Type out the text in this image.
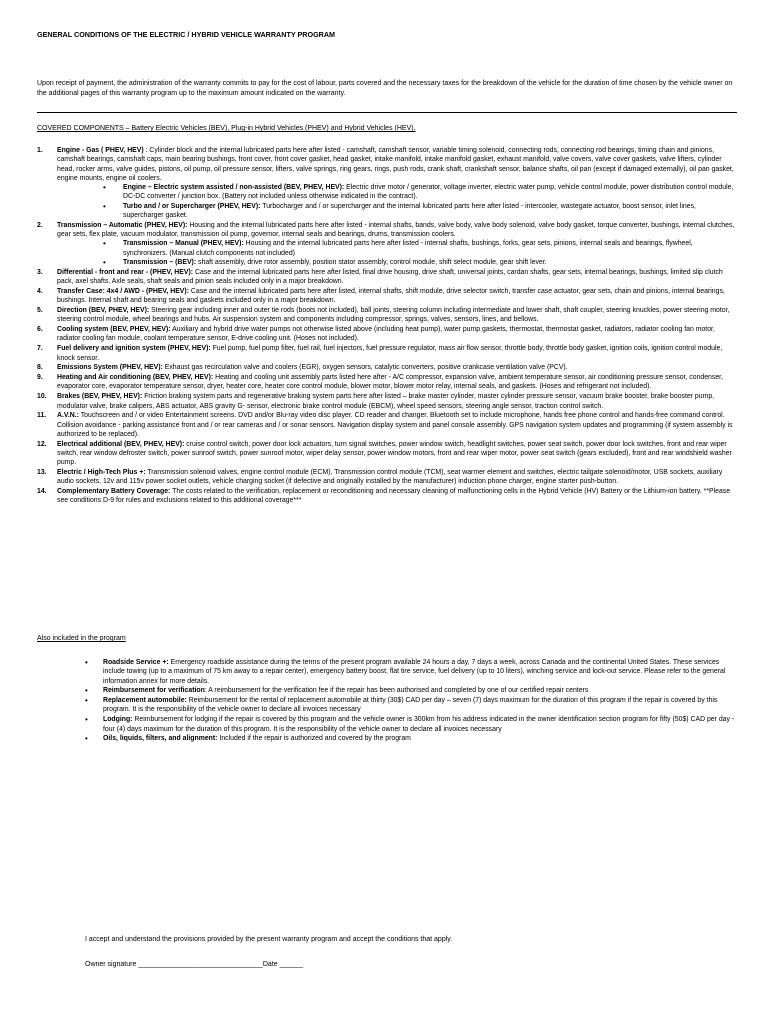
GENERAL CONDITIONS OF THE ELECTRIC / HYBRID VEHICLE WARRANTY PROGRAM
Upon receipt of payment, the administration of the warranty commits to pay for the cost of labour, parts covered and the necessary taxes for the breakdown of the vehicle for the duration of time chosen by the vehicle owner on the additional pages of this warranty program up to the maximum amount indicated on the warranty.
COVERED COMPONENTS – Battery Electric Vehicles (BEV), Plug-in Hybrid Vehicles (PHEV) and Hybrid Vehicles (HEV).
1. Engine - Gas ( PHEV, HEV) : Cylinder block and the internal lubricated parts here after listed - camshaft, camshaft sensor, variable timing solenoid, connecting rods, connecting rod bearings, timing chain and pinions, camshaft bearings, camshaft caps, main bearing bushings, front cover, front cover gasket, head gasket, intake manifold, intake manifold gasket, exhaust manifold, valve covers, valve cover gaskets, valve lifters, cylinder head, rocker arms, valve guides, pistons, oil pump, oil pressure sensor, lifters, valve springs, ring gears, rings, push rods, crank shaft, crankshaft sensor, balance shafts, oil pan (except if damaged externally), oil pan gasket, engine mounts, engine oil coolers.
• Engine – Electric system assisted / non-assisted (BEV, PHEV, HEV): Electric drive motor / generator, voltage inverter, electric water pump, vehicle control module, power distribution control module, DC-DC converter / junction box. (Battery not included unless otherwise indicated in the contract).
• Turbo and / or Supercharger (PHEV, HEV): Turbocharger and / or supercharger and the internal lubricated parts here after listed - intercooler, wastegate actuator, boost sensor, inlet lines, supercharger gasket.
2. Transmission – Automatic (PHEV, HEV): Housing and the internal lubricated parts here after listed - internal shafts, bands, valve body, valve body solenoid, valve body gasket, torque converter, bushings, internal clutches, gear sets, flex plate, vacuum modulator, transmission oil pump, governor, internal seals and bearings, drums, transmission coolers.
• Transmission – Manual (PHEV, HEV): Housing and the internal lubricated parts here after listed - internal shafts, bushings, forks, gear sets, pinions, internal seals and bearings, flywheel, synchronizers. (Manual clutch components not included)
• Transmission – (BEV): shaft assembly, drive rotor assembly, position stator assembly, control module, shift select module, gear shift lever.
3. Differential - front and rear - (PHEV, HEV): Case and the internal lubricated parts here after listed, final drive housing, drive shaft, universal joints, cardan shafts, gear sets, internal bearings, bushings, limited slip clutch pack, axel shafts. Axle seals, shaft seals and pinion seals included only in a major breakdown.
4. Transfer Case: 4x4 / AWD - (PHEV, HEV): Case and the internal lubricated parts here after listed, internal shafts, shift module, drive selector switch, transfer case actuator, gear sets, chain and pinions, internal bearings, bushings. Internal shaft and bearing seals and gaskets included only in a major breakdown.
5. Direction (BEV, PHEV, HEV): Steering gear including inner and outer tie rods (boots not included), ball joints, steering column including intermediate and lower shaft, shaft coupler, steering knuckles, power steering motor, steering control module, wheel bearings and hubs. Air suspension system and components including compressor, springs, valves, sensors, lines, and bellows.
6. Cooling system (BEV, PHEV, HEV): Auxiliary and hybrid drive water pumps not otherwise listed above (including heat pump), water pump gaskets, thermostat, thermostat gasket, radiators, radiator cooling fan motor, radiator cooling fan module, coolant temperature sensor, E-drive cooling unit. (Hoses not included).
7. Fuel delivery and ignition system (PHEV, HEV): Fuel pump, fuel pump filter, fuel rail, fuel injectors, fuel pressure regulator, mass air flow sensor, throttle body, throttle body gasket, ignition coils, ignition control module, knock sensor.
8. Emissions System (PHEV, HEV): Exhaust gas recirculation valve and coolers (EGR), oxygen sensors, catalytic converters, positive crankcase ventilation valve (PCV).
9. Heating and Air conditioning (BEV, PHEV, HEV): Heating and cooling unit assembly parts listed here after - A/C compressor, expansion valve, ambient temperature sensor, air conditioning pressure sensor, condenser, evaporator core, evaporator temperature sensor, dryer, heater core, heater core control module, blower motor, blower motor relay, internal seals, and gaskets. (Hoses and refrigerant not included).
10. Brakes (BEV, PHEV, HEV): Friction braking system parts and regenerative braking system parts here after listed – brake master cylinder, master cylinder pressure sensor, vacuum brake booster, brake booster pump, modulator valve, brake calipers, ABS actuator, ABS gravity G- sensor, electronic brake control module (EBCM), wheel speed sensors, steering angle sensor, traction control switch.
11. A.V.N.: Touchscreen and / or video Entertainment screens. DVD and/or Blu-ray video disc player. CD reader and changer. Bluetooth set to include microphone, hands free phone control and hands-free command control. Collision avoidance - parking assistance front and / or rear cameras and / or sonar sensors. Navigation display system and panel console assembly. GPS navigation system updates and programming (if system assembly is authorized to be replaced).
12. Electrical additional (BEV, PHEV, HEV): cruise control switch, power door lock actuators, turn signal switches, power window switch, headlight switches, power seat switch, power door lock switches, front and rear wiper switch, rear window defroster switch, power sunroof switch, power sunroof motor, wiper delay sensor, power window motors, front and rear wiper motor, power seat switch (gears excluded), front and rear windshield washer pump.
13. Electric / High-Tech Plus +: Transmission solenoid valves, engine control module (ECM), Transmission control module (TCM), seat warmer element and switches, electric tailgate solenoid/motor, USB sockets, auxiliary audio sockets, 12v and 115v power socket outlets, vehicle charging socket (if defective and originally installed by the manufacturer) induction phone charger, engine starter push-button.
14. Complementary Battery Coverage: The costs related to the verification, replacement or reconditioning and necessary cleaning of malfunctioning cells in the Hybrid Vehicle (HV) Battery or the Lithium-ion battery. **Please see conditions D-9 for rules and exclusions related to this additional coverage***
Also included in the program
• Roadside Service +: Emergency roadside assistance during the terms of the present program available 24 hours a day, 7 days a week, across Canada and the continental United States. These services include towing (up to a maximum of 75 km away to a repair center), emergency battery boost, flat tire service, fuel delivery (up to 10 liters), winching service and lock-out service. Please refer to the general information annex for more details.
• Reimbursement for verification: A reimbursement for the verification fee if the repair has been authorised and completed by one of our certified repair centers
• Replacement automobile: Reimbursement for the rental of replacement automobile at thirty (30$) CAD per day – seven (7) days maximum for the duration of this program if the repair is covered by this program. It is the responsibility of the vehicle owner to declare all invoices necessary
• Lodging: Reimbursement for lodging if the repair is covered by this program and the vehicle owner is 300km from his address indicated in the owner identification section program for fifty (50$) CAD per day -four (4) days maximum for the duration of this program. It is the responsibility of the vehicle owner to declare all invoices necessary
• Oils, liquids, filters, and alignment: Included if the repair is authorized and covered by the program
I accept and understand the provisions provided by the present warranty program and accept the conditions that apply.
Owner signature ________________________________Date ______
